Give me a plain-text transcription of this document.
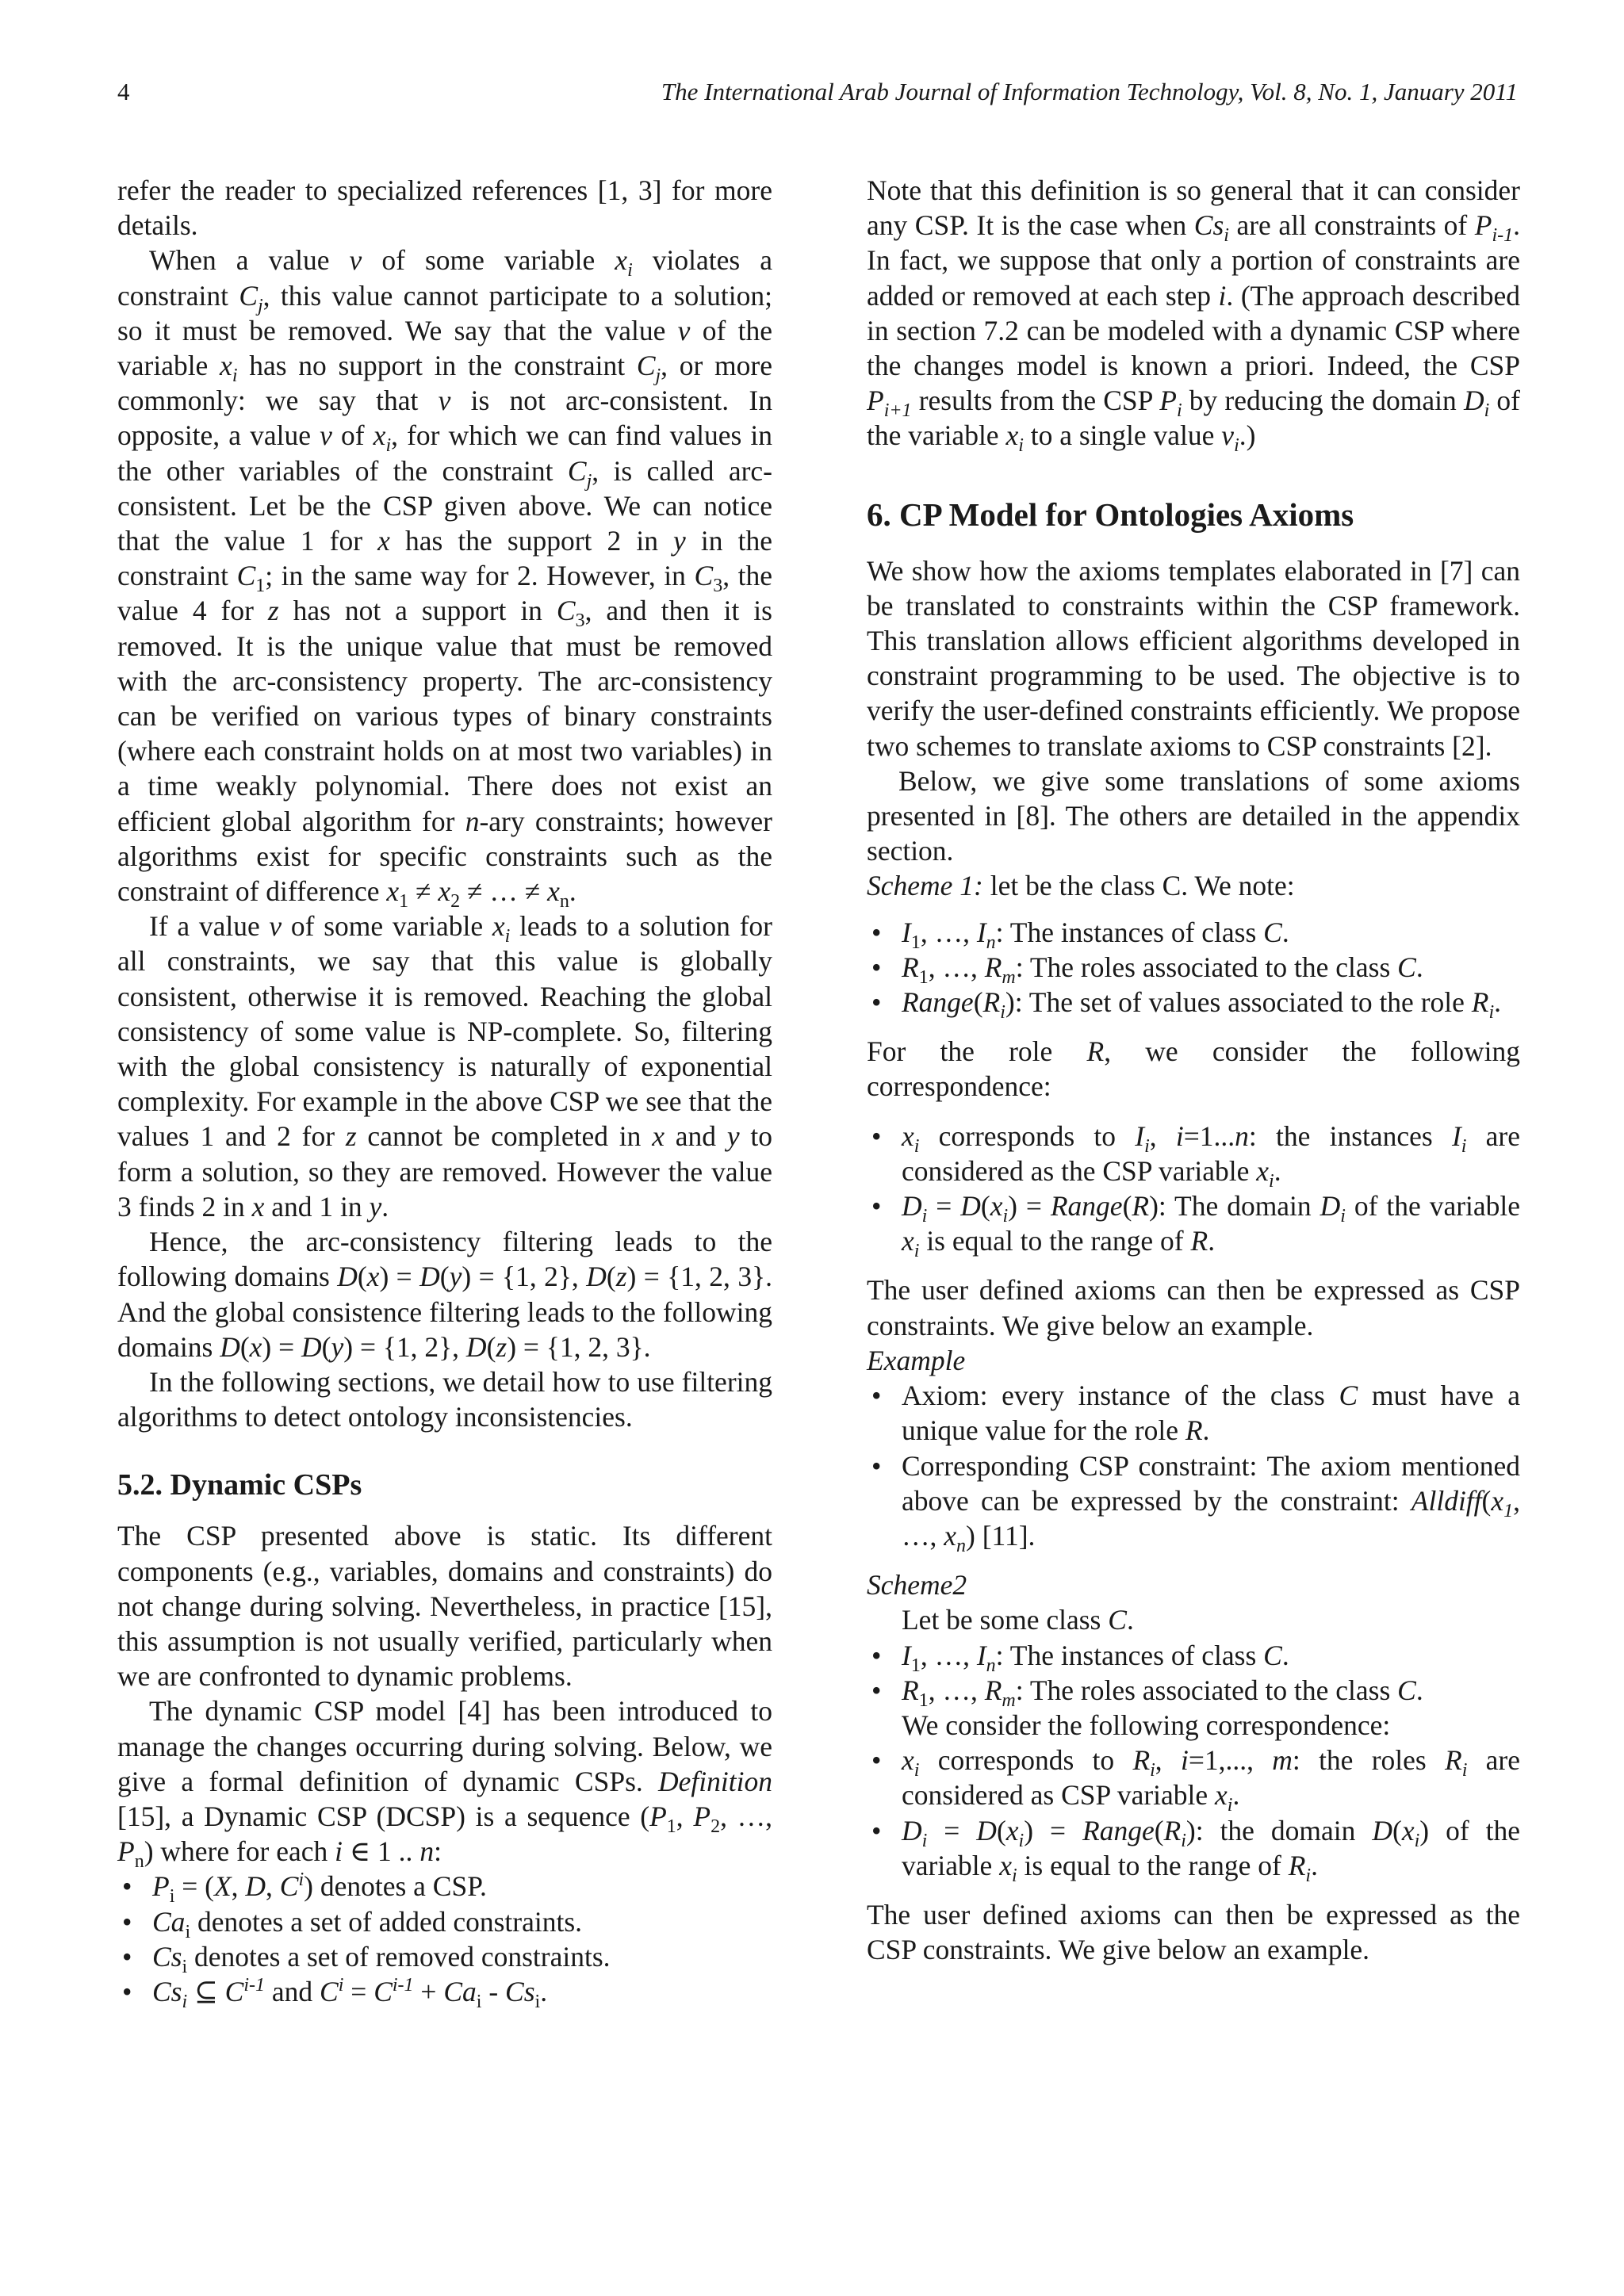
4	The International Arab Journal of Information Technology, Vol. 8, No. 1, January 2011

refer the reader to specialized references [1, 3] for more details.

When a value v of some variable $x_i$ violates a constraint $C_j$, this value cannot participate to a solution; so it must be removed. We say that the value v of the variable $x_i$ has no support in the constraint $C_j$, or more commonly: we say that v is not arc-consistent. In opposite, a value v of $x_i$, for which we can find values in the other variables of the constraint $C_j$, is called arc-consistent. Let be the CSP given above. We can notice that the value 1 for x has the support 2 in y in the constraint $C_1$; in the same way for 2. However, in $C_3$, the value 4 for z has not a support in $C_3$, and then it is removed. It is the unique value that must be removed with the arc-consistency property. The arc-consistency can be verified on various types of binary constraints (where each constraint holds on at most two variables) in a time weakly polynomial. There does not exist an efficient global algorithm for n-ary constraints; however algorithms exist for specific constraints such as the constraint of difference $x_1 \ne x_2$ ≠ … ≠ $x_n$.

If a value v of some variable $x_i$ leads to a solution for all constraints, we say that this value is globally consistent, otherwise it is removed. Reaching the global consistency of some value is NP-complete. So, filtering with the global consistency is naturally of exponential complexity. For example in the above CSP we see that the values 1 and 2 for z cannot be completed in x and y to form a solution, so they are removed. However the value 3 finds 2 in x and 1 in y.

Hence, the arc-consistency filtering leads to the following domains D(x) = D(y) = {1, 2}, D(z) = {1, 2, 3}. And the global consistence filtering leads to the following domains D(x) = D(y) = {1, 2}, D(z) = {1, 2, 3}.

In the following sections, we detail how to use filtering algorithms to detect ontology inconsistencies.

5.2. Dynamic CSPs

The CSP presented above is static. Its different components (e.g., variables, domains and constraints) do not change during solving. Nevertheless, in practice [15], this assumption is not usually verified, particularly when we are confronted to dynamic problems.

The dynamic CSP model [4] has been introduced to manage the changes occurring during solving. Below, we give a formal definition of dynamic CSPs. Definition [15], a Dynamic CSP (DCSP) is a sequence ($P_1$, $P_2$, …, $P_n$) where for each i ∈ 1 .. n:

• $P_i = (X$, D, $C^i$) denotes a CSP.
• $Ca_i$ denotes a set of added constraints.
• $Cs_i$ denotes a set of removed constraints.
• $Cs_i$ ⊆ $C^{i-1}$ and $C^i = C^{i-1} + Ca_i - Cs_i$.

Note that this definition is so general that it can consider any CSP. It is the case when $Cs_i$ are all constraints of $P_{i-1}$. In fact, we suppose that only a portion of constraints are added or removed at each step i. (The approach described in section 7.2 can be modeled with a dynamic CSP where the changes model is known a priori. Indeed, the CSP $P_{i+1}$ results from the CSP $P_i$ by reducing the domain $D_i$ of the variable $x_i$ to a single value $v_i$.)

6. CP Model for Ontologies Axioms

We show how the axioms templates elaborated in [7] can be translated to constraints within the CSP framework. This translation allows efficient algorithms developed in constraint programming to be used. The objective is to verify the user-defined constraints efficiently. We propose two schemes to translate axioms to CSP constraints [2].

Below, we give some translations of some axioms presented in [8]. The others are detailed in the appendix section.

Scheme 1: let be the class C. We note:

• $I_1$, …, $I_n$: The instances of class C.
• $R_1$, …, $R_m$: The roles associated to the class C.
• $Range(R_i)$: The set of values associated to the role $R_i$.

For the role R, we consider the following correspondence:

• $x_i$ corresponds to $I_i$, i=1...n: the instances $I_i$ are considered as the CSP variable $x_i$.
• $D_i = D(x_i)$ = Range(R): The domain $D_i$ of the variable $x_i$ is equal to the range of R.

The user defined axioms can then be expressed as CSP constraints. We give below an example.

Example

• Axiom: every instance of the class C must have a unique value for the role R.
• Corresponding CSP constraint: The axiom mentioned above can be expressed by the constraint: $Alldiff(x_1$, …, $x_n$) [11].

Scheme2

Let be some class C.

• $I_1$, …, $I_n$: The instances of class C.
• $R_1$, …, $R_m$: The roles associated to the class C.

We consider the following correspondence:

• $x_i$ corresponds to $R_i$, i=1,..., m: the roles $R_i$ are considered as CSP variable $x_i$.
• $D_i = D(x_i)$ = $Range(R_i)$: the domain $D(x_i)$ of the variable $x_i$ is equal to the range of $R_i$.

The user defined axioms can then be expressed as the CSP constraints. We give below an example.
